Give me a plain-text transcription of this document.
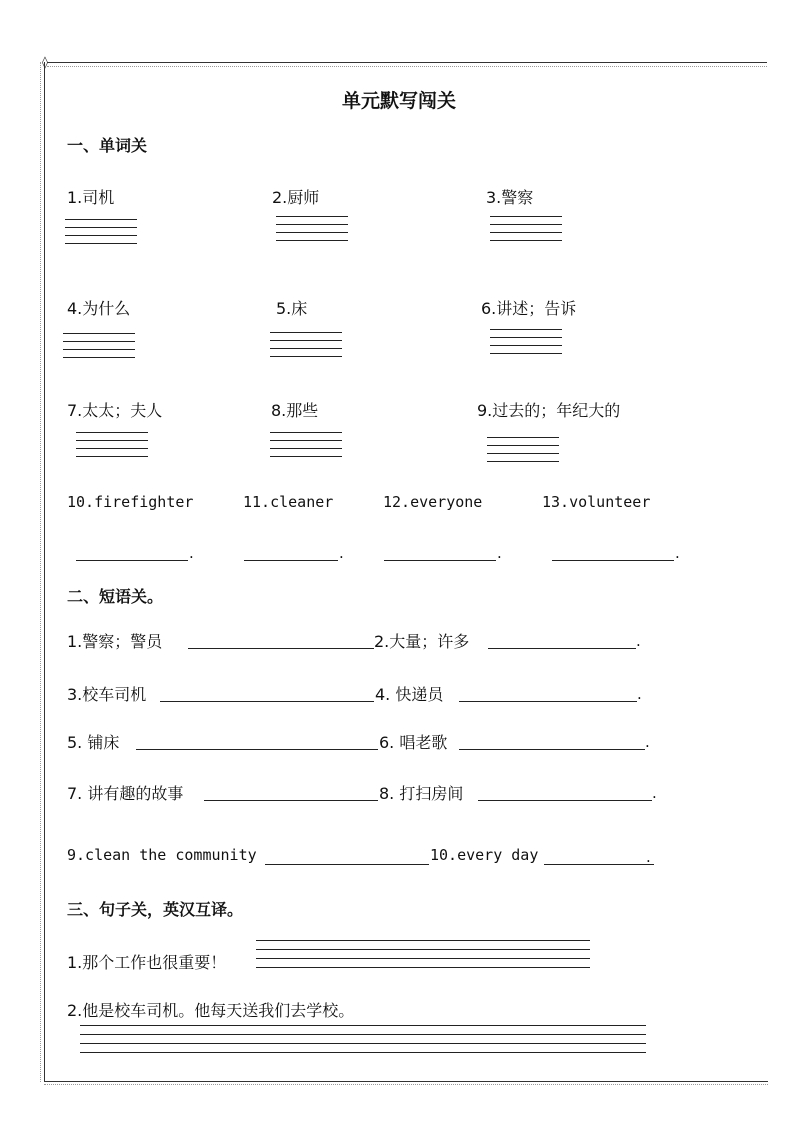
◊
单元默写闯关
一、单词关
1.司机	2.厨师	3.警察
4.为什么	5.床	6.讲述；告诉
7.太太；夫人	8.那些	9.过去的；年纪大的
10.firefighter	11.cleaner	12.everyone	13.volunteer
.	.	.	.
二、短语关。
1.警察；警员	2.大量；许多	.
3.校车司机	4. 快递员	.
5. 铺床	6. 唱老歌	.
7. 讲有趣的故事	8. 打扫房间	.
9.clean the community	10.every day	.
三、句子关，英汉互译。
1.那个工作也很重要！
2.他是校车司机。他每天送我们去学校。
